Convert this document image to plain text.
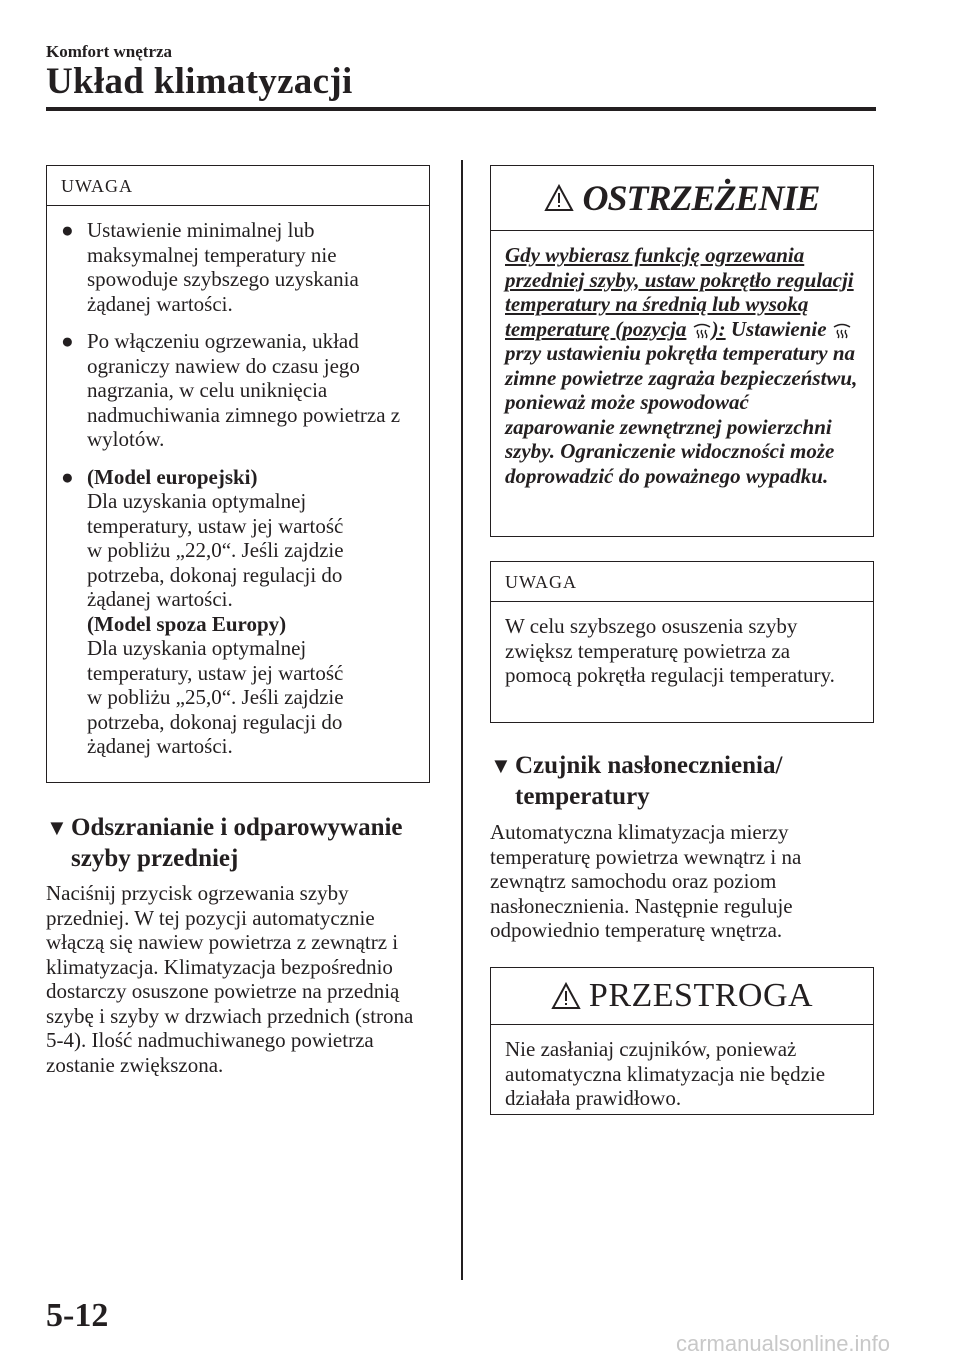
Komfort wnętrza
Układ klimatyzacji
UWAGA
● Ustawienie minimalnej lub maksymalnej temperatury nie spowoduje szybszego uzyskania żądanej wartości.
● Po włączeniu ogrzewania, układ ograniczy nawiew do czasu jego nagrzania, w celu uniknięcia nadmuchiwania zimnego powietrza z wylotów.
● (Model europejski)
Dla uzyskania optymalnej temperatury, ustaw jej wartość w pobliżu „22,0“. Jeśli zajdzie potrzeba, dokonaj regulacji do żądanej wartości.
(Model spoza Europy)
Dla uzyskania optymalnej temperatury, ustaw jej wartość w pobliżu „25,0“. Jeśli zajdzie potrzeba, dokonaj regulacji do żądanej wartości.
▼ Odszranianie i odparowywanie
szyby przedniej
Naciśnij przycisk ogrzewania szyby przedniej. W tej pozycji automatycznie włączą się nawiew powietrza z zewnątrz i klimatyzacja. Klimatyzacja bezpośrednio dostarczy osuszone powietrze na przednią szybę i szyby w drzwiach przednich (strona 5-4). Ilość nadmuchiwanego powietrza zostanie zwiększona.
OSTRZEŻENIE
Gdy wybierasz funkcję ogrzewania przedniej szyby, ustaw pokrętło regulacji temperatury na średnią lub wysoką temperaturę (pozycja ): Ustawienie  przy ustawieniu pokrętła temperatury na zimne powietrze zagraża bezpieczeństwu, ponieważ może spowodować zaparowanie zewnętrznej powierzchni szyby. Ograniczenie widoczności może doprowadzić do poważnego wypadku.
UWAGA
W celu szybszego osuszenia szyby zwiększ temperaturę powietrza za pomocą pokrętła regulacji temperatury.
▼ Czujnik nasłonecznienia/
temperatury
Automatyczna klimatyzacja mierzy temperaturę powietrza wewnątrz i na zewnątrz samochodu oraz poziom nasłonecznienia. Następnie reguluje odpowiednio temperaturę wnętrza.
PRZESTROGA
Nie zasłaniaj czujników, ponieważ automatyczna klimatyzacja nie będzie działała prawidłowo.
5-12
carmanualsonline.info
